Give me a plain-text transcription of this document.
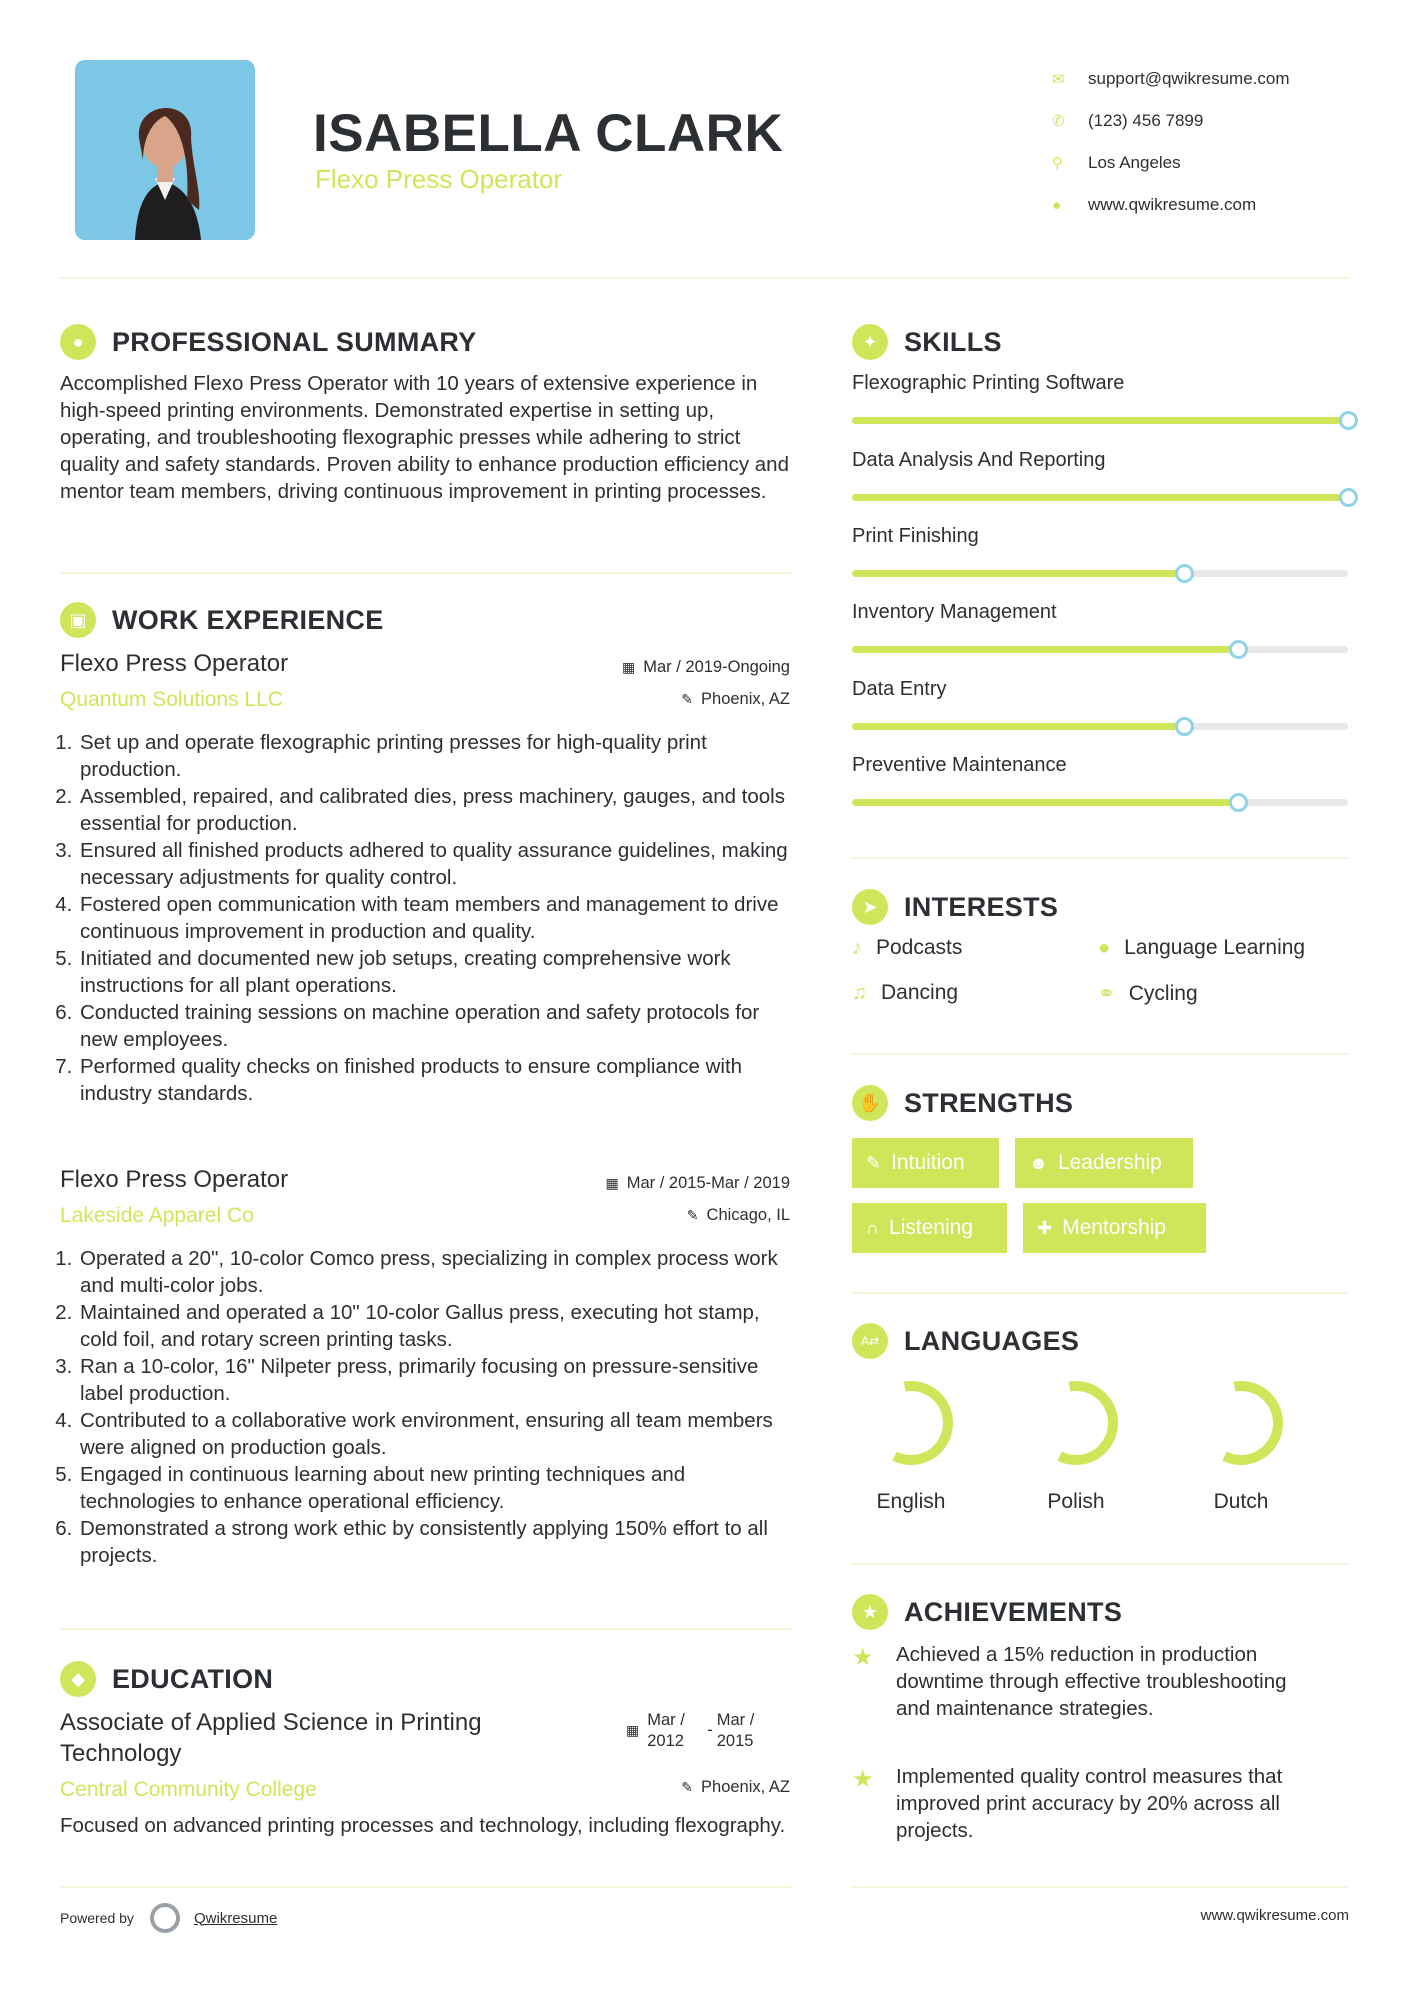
ISABELLA CLARK
Flexo Press Operator
✉	support@qwikresume.com
✆	(123) 456 7899
⚲	Los Angeles
●	www.qwikresume.com
● PROFESSIONAL SUMMARY
Accomplished Flexo Press Operator with 10 years of extensive experience in high-speed printing environments. Demonstrated expertise in setting up, operating, and troubleshooting flexographic presses while adhering to strict quality and safety standards. Proven ability to enhance production efficiency and mentor team members, driving continuous improvement in printing processes.
▣ WORK EXPERIENCE
Flexo Press Operator
Quantum Solutions LLC
▦ Mar / 2019-Ongoing
✎ Phoenix, AZ
1. Set up and operate flexographic printing presses for high-quality print production.
2. Assembled, repaired, and calibrated dies, press machinery, gauges, and tools essential for production.
3. Ensured all finished products adhered to quality assurance guidelines, making necessary adjustments for quality control.
4. Fostered open communication with team members and management to drive continuous improvement in production and quality.
5. Initiated and documented new job setups, creating comprehensive work instructions for all plant operations.
6. Conducted training sessions on machine operation and safety protocols for new employees.
7. Performed quality checks on finished products to ensure compliance with industry standards.
Flexo Press Operator
Lakeside Apparel Co
▦ Mar / 2015-Mar / 2019
✎ Chicago, IL
1. Operated a 20", 10-color Comco press, specializing in complex process work and multi-color jobs.
2. Maintained and operated a 10" 10-color Gallus press, executing hot stamp, cold foil, and rotary screen printing tasks.
3. Ran a 10-color, 16" Nilpeter press, primarily focusing on pressure-sensitive label production.
4. Contributed to a collaborative work environment, ensuring all team members were aligned on production goals.
5. Engaged in continuous learning about new printing techniques and technologies to enhance operational efficiency.
6. Demonstrated a strong work ethic by consistently applying 150% effort to all projects.
◆ EDUCATION
Associate of Applied Science in Printing Technology
Central Community College
▦
Mar / 2012
-
Mar / 2015
✎ Phoenix, AZ
Focused on advanced printing processes and technology, including flexography.
✦ SKILLS
Flexographic Printing Software
Data Analysis And Reporting
Print Finishing
Inventory Management
Data Entry
Preventive Maintenance
➤ INTERESTS
♪ Podcasts	● Language Learning
♫ Dancing	⚭ Cycling
✋ STRENGTHS
✎ Intuition	☻ Leadership
∩ Listening	✚ Mentorship
A⇄ LANGUAGES
English	Polish	Dutch
★ ACHIEVEMENTS
★	Achieved a 15% reduction in production downtime through effective troubleshooting and maintenance strategies.
★	Implemented quality control measures that improved print accuracy by 20% across all projects.
Powered by	Qwikresume	www.qwikresume.com
